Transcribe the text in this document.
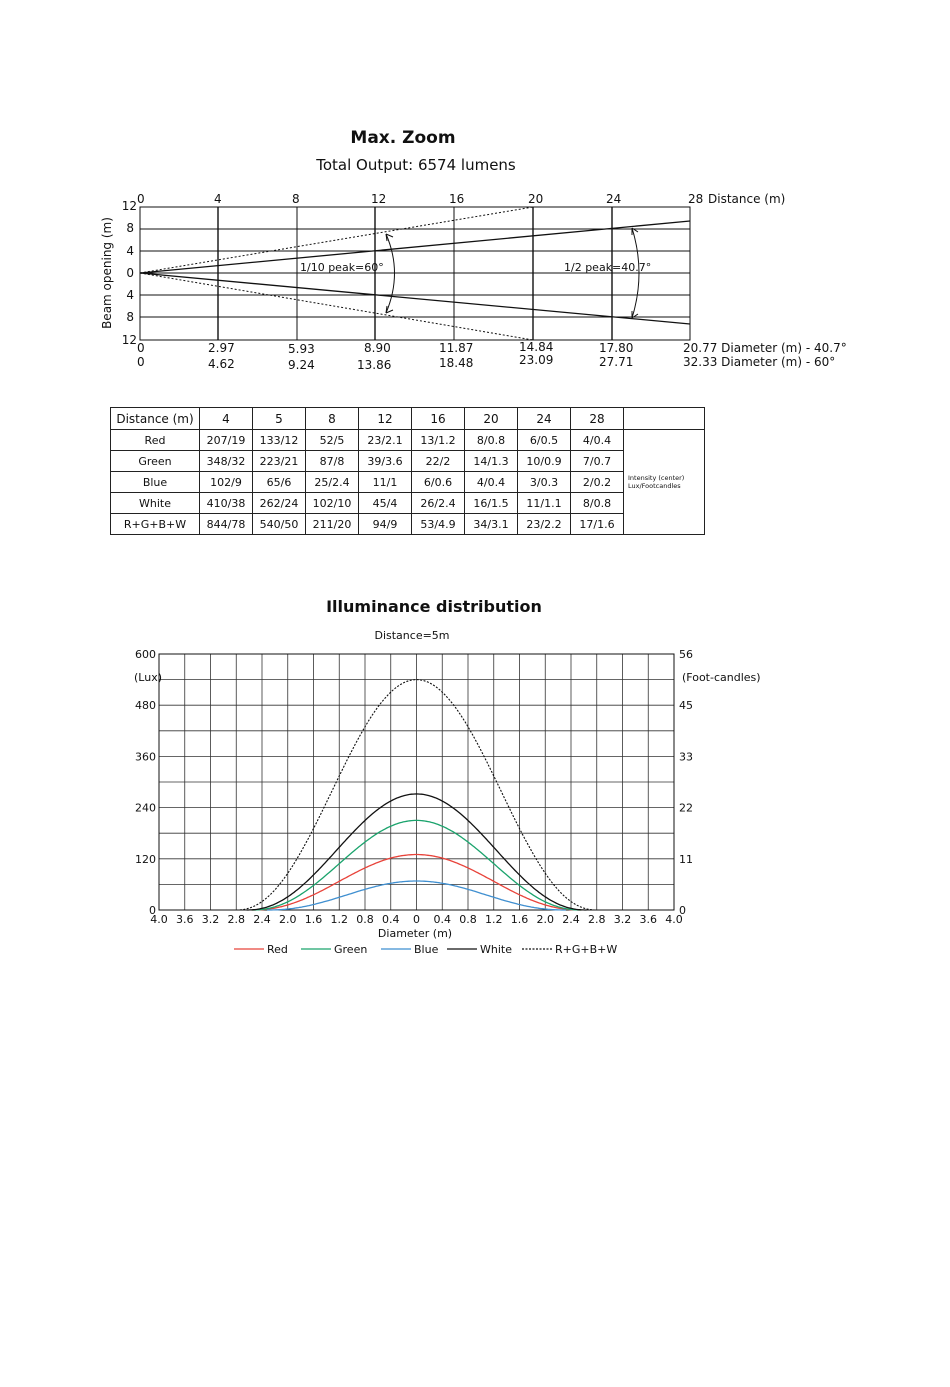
Max. Zoom
Total Output: 6574 lumens
0	4	8	12	16	20	24	28 Distance (m)
12
8
4
0
4
8
12
Beam opening (m)	1/10 peak=60°	1/2 peak=40.7°
0	2.97	5.93	8.90	11.87	14.84	17.80	20.77 Diameter (m) - 40.7°
0	4.62	9.24	13.86	18.48	23.09	27.71	32.33 Diameter (m) - 60°
Distance (m)	4	5	8	12	16	20	24	28	
Red	207/19	133/12	52/5	23/2.1	13/1.2	8/0.8	6/0.5	4/0.4	Intensity (center)
Lux/Footcandles
Green	348/32	223/21	87/8	39/3.6	22/2	14/1.3	10/0.9	7/0.7	
Blue	102/9	65/6	25/2.4	11/1	6/0.6	4/0.4	3/0.3	2/0.2	
White	410/38	262/24	102/10	45/4	26/2.4	16/1.5	11/1.1	8/0.8	
R+G+B+W	844/78	540/50	211/20	94/9	53/4.9	34/3.1	23/2.2	17/1.6	
Illuminance distribution
4.0 3.6 3.2 2.8 2.4 2.0 1.6 1.2 0.8 0.4 0 0.4 0.8 1.2 1.6 2.0 2.4 2.8 3.2 3.6 4.0
0
120
240
360
480
600
0
11
22
33
45
56
Distance=5m
(Lux)	(Foot-candles)
Diameter (m)
Red	Green	Blue	White	R+G+B+W
